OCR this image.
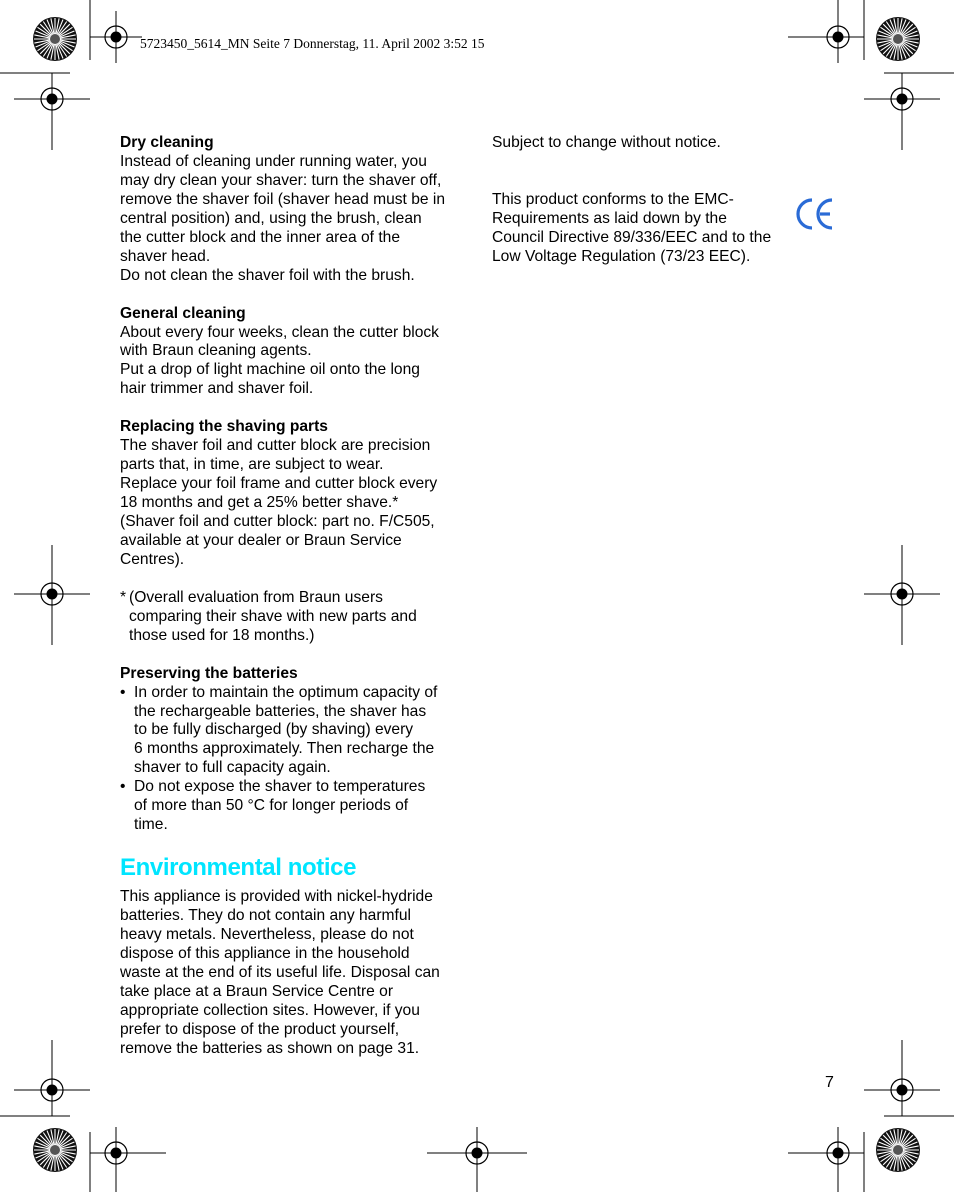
5723450_5614_MN Seite 7 Donnerstag, 11. April 2002 3:52 15
Dry cleaning
Instead of cleaning under running water, you
may dry clean your shaver: turn the shaver off,
remove the shaver foil (shaver head must be in
central position) and, using the brush, clean
the cutter block and the inner area of the
shaver head.
Do not clean the shaver foil with the brush.
General cleaning
About every four weeks, clean the cutter block
with Braun cleaning agents.
Put a drop of light machine oil onto the long
hair trimmer and shaver foil.
Replacing the shaving parts
The shaver foil and cutter block are precision
parts that, in time, are subject to wear.
Replace your foil frame and cutter block every
18 months and get a 25% better shave.*
(Shaver foil and cutter block: part no. F/C505,
available at your dealer or Braun Service
Centres).
* (Overall evaluation from Braun users
comparing their shave with new parts and
those used for 18 months.)
Preserving the batteries
• In order to maintain the optimum capacity of
the rechargeable batteries, the shaver has
to be fully discharged (by shaving) every
6 months approximately. Then recharge the
shaver to full capacity again.
• Do not expose the shaver to temperatures
of more than 50 °C for longer periods of
time.
Environmental notice
This appliance is provided with nickel-hydride
batteries. They do not contain any harmful
heavy metals. Nevertheless, please do not
dispose of this appliance in the household
waste at the end of its useful life. Disposal can
take place at a Braun Service Centre or
appropriate collection sites. However, if you
prefer to dispose of the product yourself,
remove the batteries as shown on page 31.
Subject to change without notice.
This product conforms to the EMC-
Requirements as laid down by the
Council Directive 89/336/EEC and to the
Low Voltage Regulation (73/23 EEC).
7
